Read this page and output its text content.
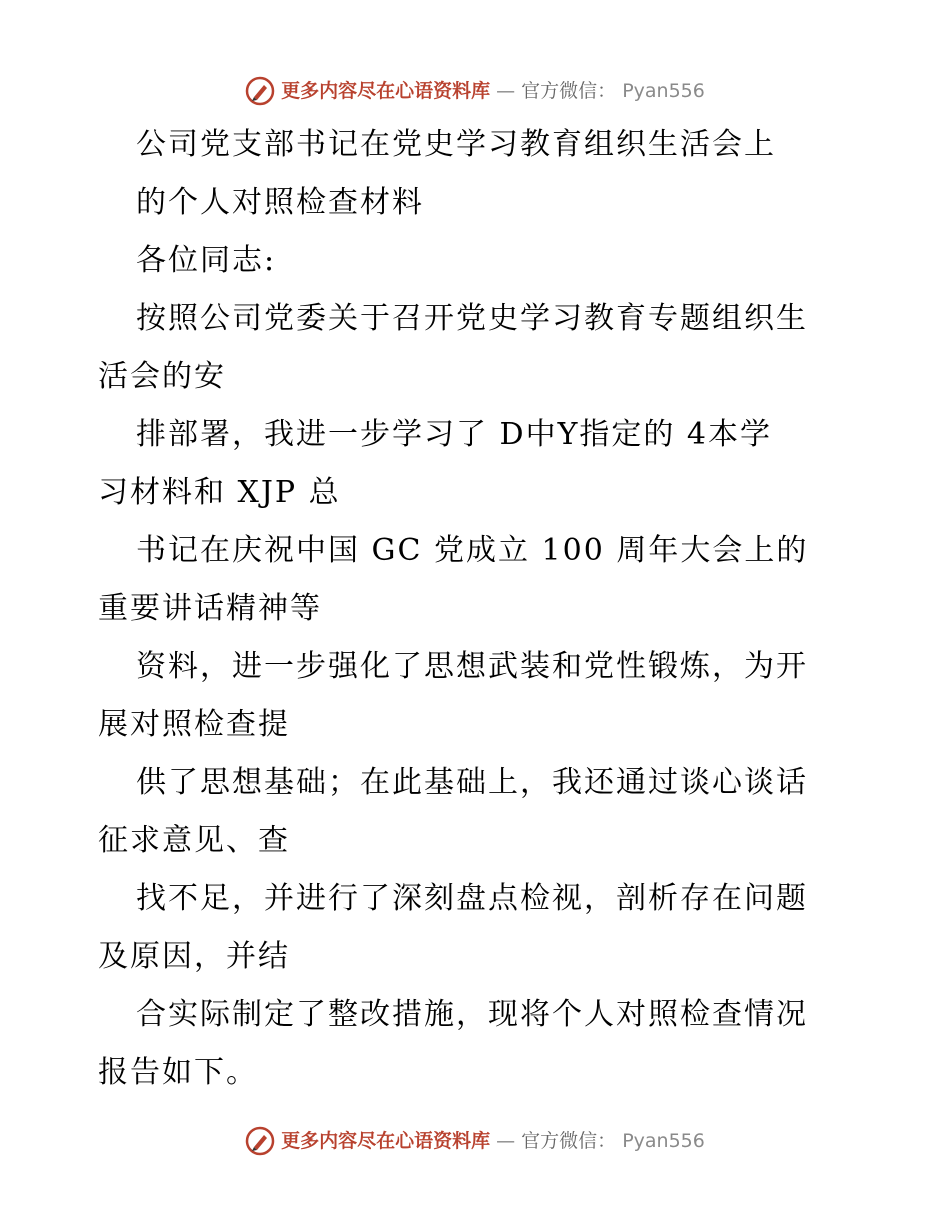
更多内容尽在心语资料库 — 官方微信： Pyan556
公司党支部书记在党史学习教育组织生活会上
的个人对照检查材料
各位同志:
按照公司党委关于召开党史学习教育专题组织生
活会的安
排部署，我进一步学习了 D中Y指定的 4本学
习材料和 XJP 总
书记在庆祝中国 GC 党成立 100 周年大会上的
重要讲话精神等
资料，进一步强化了思想武装和党性锻炼，为开
展对照检查提
供了思想基础；在此基础上，我还通过谈心谈话
征求意见、查
找不足，并进行了深刻盘点检视，剖析存在问题
及原因，并结
合实际制定了整改措施，现将个人对照检查情况
报告如下。
更多内容尽在心语资料库 — 官方微信： Pyan556
